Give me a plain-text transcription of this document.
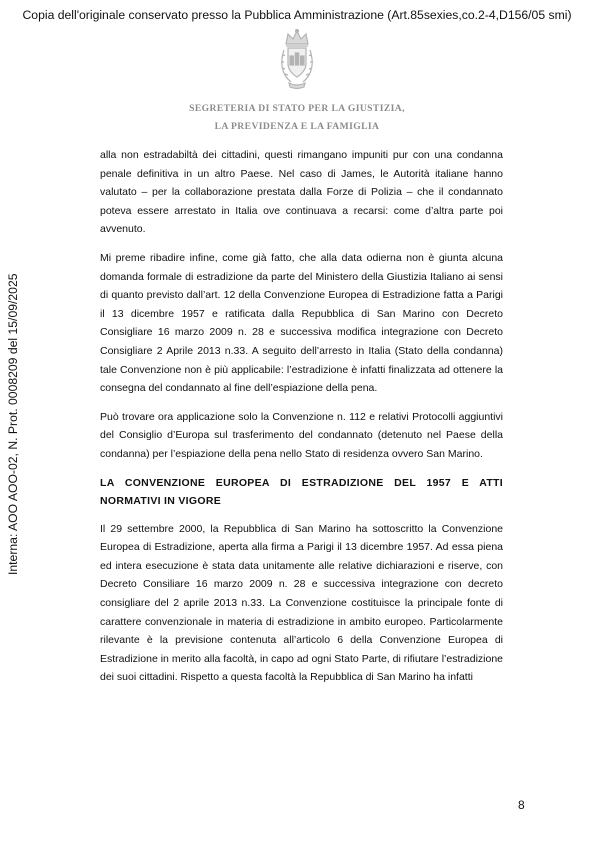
Copia dell'originale conservato presso la Pubblica Amministrazione (Art.85sexies,co.2-4,D156/05 smi)
Interna: AOO AOO-02, N. Prot. 0008209 del 15/09/2025
SEGRETERIA DI STATO PER LA GIUSTIZIA,
LA PREVIDENZA E LA FAMIGLIA

alla non estradabiltà dei cittadini, questi rimangano impuniti pur con una condanna penale definitiva in un altro Paese. Nel caso di James, le Autorità italiane hanno valutato – per la collaborazione prestata dalla Forze di Polizia – che il condannato poteva essere arrestato in Italia ove continuava a recarsi: come d’altra parte poi avvenuto.

Mi preme ribadire infine, come già fatto, che alla data odierna non è giunta alcuna domanda formale di estradizione da parte del Ministero della Giustizia Italiano ai sensi di quanto previsto dall’art. 12 della Convenzione Europea di Estradizione fatta a Parigi il 13 dicembre 1957 e ratificata dalla Repubblica di San Marino con Decreto Consigliare 16 marzo 2009 n. 28 e successiva modifica integrazione con Decreto Consigliare 2 Aprile 2013 n.33. A seguito dell’arresto in Italia (Stato della condanna) tale Convenzione non è più applicabile: l’estradizione è infatti finalizzata ad ottenere la consegna del condannato al fine dell’espiazione della pena.

Può trovare ora applicazione solo la Convenzione n. 112 e relativi Protocolli aggiuntivi del Consiglio d’Europa sul trasferimento del condannato (detenuto nel Paese della condanna) per l’espiazione della pena nello Stato di residenza ovvero San Marino.

LA CONVENZIONE EUROPEA DI ESTRADIZIONE DEL 1957 E ATTI NORMATIVI IN VIGORE

Il 29 settembre 2000, la Repubblica di San Marino ha sottoscritto la Convenzione Europea di Estradizione, aperta alla firma a Parigi il 13 dicembre 1957. Ad essa piena ed intera esecuzione è stata data unitamente alle relative dichiarazioni e riserve, con Decreto Consiliare 16 marzo 2009 n. 28 e successiva integrazione con decreto consigliare del 2 aprile 2013 n.33. La Convenzione costituisce la principale fonte di carattere convenzionale in materia di estradizione in ambito europeo. Particolarmente rilevante è la previsione contenuta all’articolo 6 della Convenzione Europea di Estradizione in merito alla facoltà, in capo ad ogni Stato Parte, di rifiutare l’estradizione dei suoi cittadini. Rispetto a questa facoltà la Repubblica di San Marino ha infatti

8
